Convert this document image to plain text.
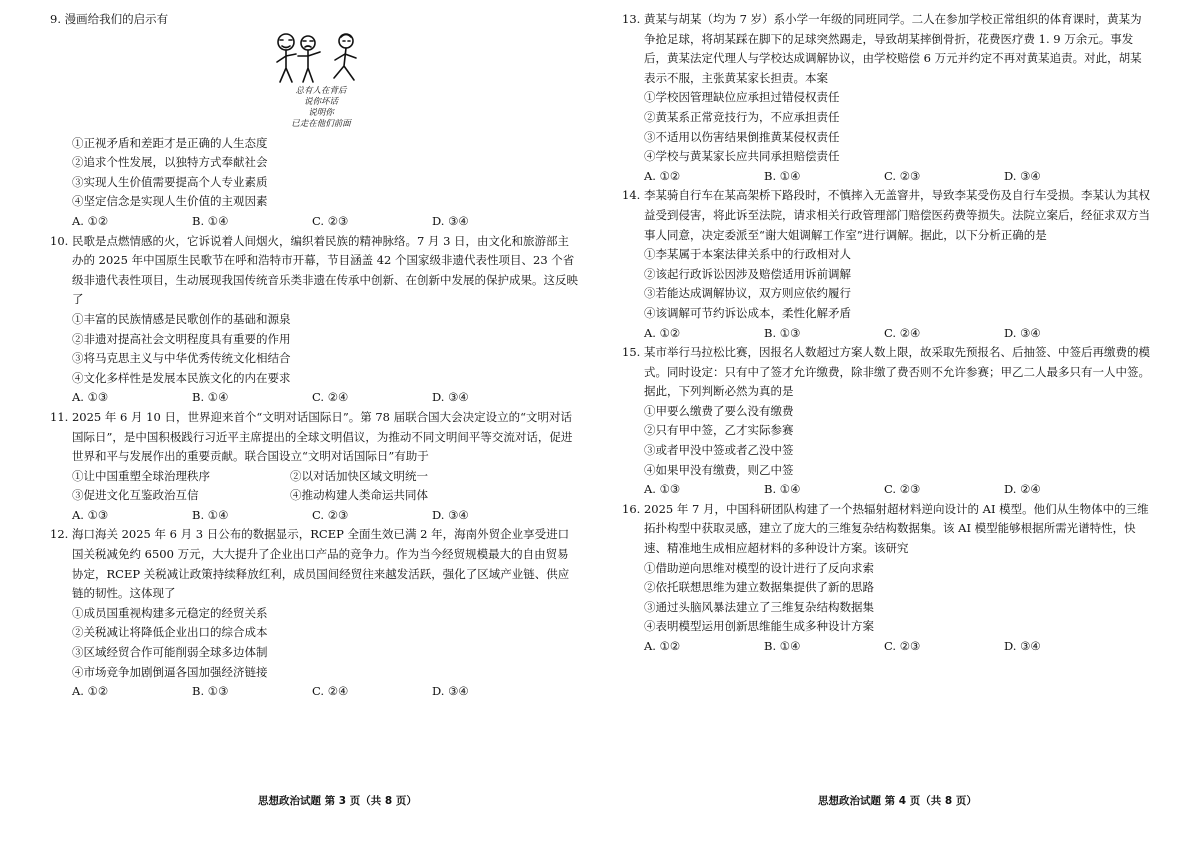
9. 漫画给我们的启示有

总有人在背后
说你坏话
说明你
已走在他们前面

①正视矛盾和差距才是正确的人生态度

②追求个性发展，以独特方式奉献社会

③实现人生价值需要提高个人专业素质

④坚定信念是实现人生价值的主观因素

A. ①②	B. ①④	C. ②③	D. ③④

10. 民歌是点燃情感的火，它诉说着人间烟火，编织着民族的精神脉络。7 月 3 日，由文化和旅游部主办的 2025 年中国原生民歌节在呼和浩特市开幕，节目涵盖 42 个国家级非遗代表性项目、23 个省级非遗代表性项目，生动展现我国传统音乐类非遗在传承中创新、在创新中发展的保护成果。这反映了

①丰富的民族情感是民歌创作的基础和源泉

②非遗对提高社会文明程度具有重要的作用

③将马克思主义与中华优秀传统文化相结合

④文化多样性是发展本民族文化的内在要求

A. ①③	B. ①④	C. ②④	D. ③④

11. 2025 年 6 月 10 日，世界迎来首个“文明对话国际日”。第 78 届联合国大会决定设立的“文明对话国际日”，是中国积极践行习近平主席提出的全球文明倡议，为推动不同文明间平等交流对话，促进世界和平与发展作出的重要贡献。联合国设立“文明对话国际日”有助于

①让中国重塑全球治理秩序	②以对话加快区域文明统一
③促进文化互鉴政治互信	④推动构建人类命运共同体
A. ①③	B. ①④	C. ②③	D. ③④

12. 海口海关 2025 年 6 月 3 日公布的数据显示，RCEP 全面生效已满 2 年，海南外贸企业享受进口国关税减免约 6500 万元，大大提升了企业出口产品的竞争力。作为当今经贸规模最大的自由贸易协定，RCEP 关税减让政策持续释放红利，成员国间经贸往来越发活跃，强化了区域产业链、供应链的韧性。这体现了

①成员国重视构建多元稳定的经贸关系

②关税减让将降低企业出口的综合成本

③区域经贸合作可能削弱全球多边体制

④市场竞争加剧倒逼各国加强经济链接

A. ①②	B. ①③	C. ②④	D. ③④

13. 黄某与胡某（均为 7 岁）系小学一年级的同班同学。二人在参加学校正常组织的体育课时，黄某为争抢足球，将胡某踩在脚下的足球突然踢走，导致胡某摔倒骨折，花费医疗费 1. 9 万余元。事发后，黄某法定代理人与学校达成调解协议，由学校赔偿 6 万元并约定不再对黄某追责。对此，胡某表示不服，主张黄某家长担责。本案

①学校因管理缺位应承担过错侵权责任

②黄某系正常竞技行为，不应承担责任

③不适用以伤害结果倒推黄某侵权责任

④学校与黄某家长应共同承担赔偿责任

A. ①②	B. ①④	C. ②③	D. ③④

14. 李某骑自行车在某高架桥下路段时，不慎摔入无盖窨井，导致李某受伤及自行车受损。李某认为其权益受到侵害，将此诉至法院，请求相关行政管理部门赔偿医药费等损失。法院立案后，经征求双方当事人同意，决定委派至“谢大姐调解工作室”进行调解。据此，以下分析正确的是

①李某属于本案法律关系中的行政相对人

②该起行政诉讼因涉及赔偿适用诉前调解

③若能达成调解协议，双方则应依约履行

④该调解可节约诉讼成本，柔性化解矛盾

A. ①②	B. ①③	C. ②④	D. ③④

15. 某市举行马拉松比赛，因报名人数超过方案人数上限，故采取先预报名、后抽签、中签后再缴费的模式。同时设定：只有中了签才允许缴费，除非缴了费否则不允许参赛；甲乙二人最多只有一人中签。据此，下列判断必然为真的是

①甲要么缴费了要么没有缴费

②只有甲中签，乙才实际参赛

③或者甲没中签或者乙没中签

④如果甲没有缴费，则乙中签

A. ①③	B. ①④	C. ②③	D. ②④

16. 2025 年 7 月，中国科研团队构建了一个热辐射超材料逆向设计的 AI 模型。他们从生物体中的三维拓扑构型中获取灵感，建立了庞大的三维复杂结构数据集。该 AI 模型能够根据所需光谱特性，快速、精准地生成相应超材料的多种设计方案。该研究

①借助逆向思维对模型的设计进行了反向求索

②依托联想思维为建立数据集提供了新的思路

③通过头脑风暴法建立了三维复杂结构数据集

④表明模型运用创新思维能生成多种设计方案

A. ①②	B. ①④	C. ②③	D. ③④
思想政治试题 第 3 页（共 8 页）	思想政治试题 第 4 页（共 8 页）
